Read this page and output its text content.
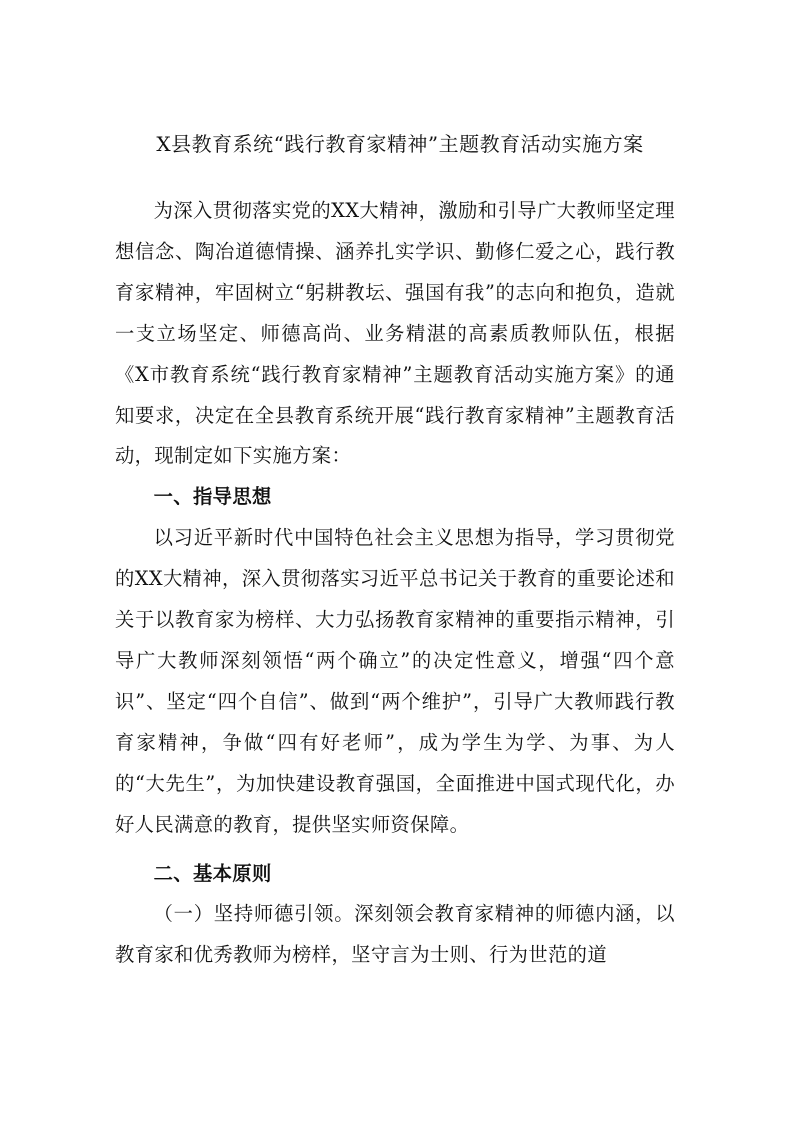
X县教育系统“践行教育家精神”主题教育活动实施方案

为深入贯彻落实党的XX大精神，激励和引导广大教师坚定理想信念、陶冶道德情操、涵养扎实学识、勤修仁爱之心，践行教育家精神，牢固树立“躬耕教坛、强国有我”的志向和抱负，造就一支立场坚定、师德高尚、业务精湛的高素质教师队伍，根据《X市教育系统“践行教育家精神”主题教育活动实施方案》的通知要求，决定在全县教育系统开展“践行教育家精神”主题教育活动，现制定如下实施方案：

一、指导思想

以习近平新时代中国特色社会主义思想为指导，学习贯彻党的XX大精神，深入贯彻落实习近平总书记关于教育的重要论述和关于以教育家为榜样、大力弘扬教育家精神的重要指示精神，引导广大教师深刻领悟“两个确立”的决定性意义，增强“四个意识”、坚定“四个自信”、做到“两个维护”，引导广大教师践行教育家精神，争做“四有好老师”，成为学生为学、为事、为人的“大先生”，为加快建设教育强国，全面推进中国式现代化，办好人民满意的教育，提供坚实师资保障。

二、基本原则

（一）坚持师德引领。深刻领会教育家精神的师德内涵，以教育家和优秀教师为榜样，坚守言为士则、行为世范的道
